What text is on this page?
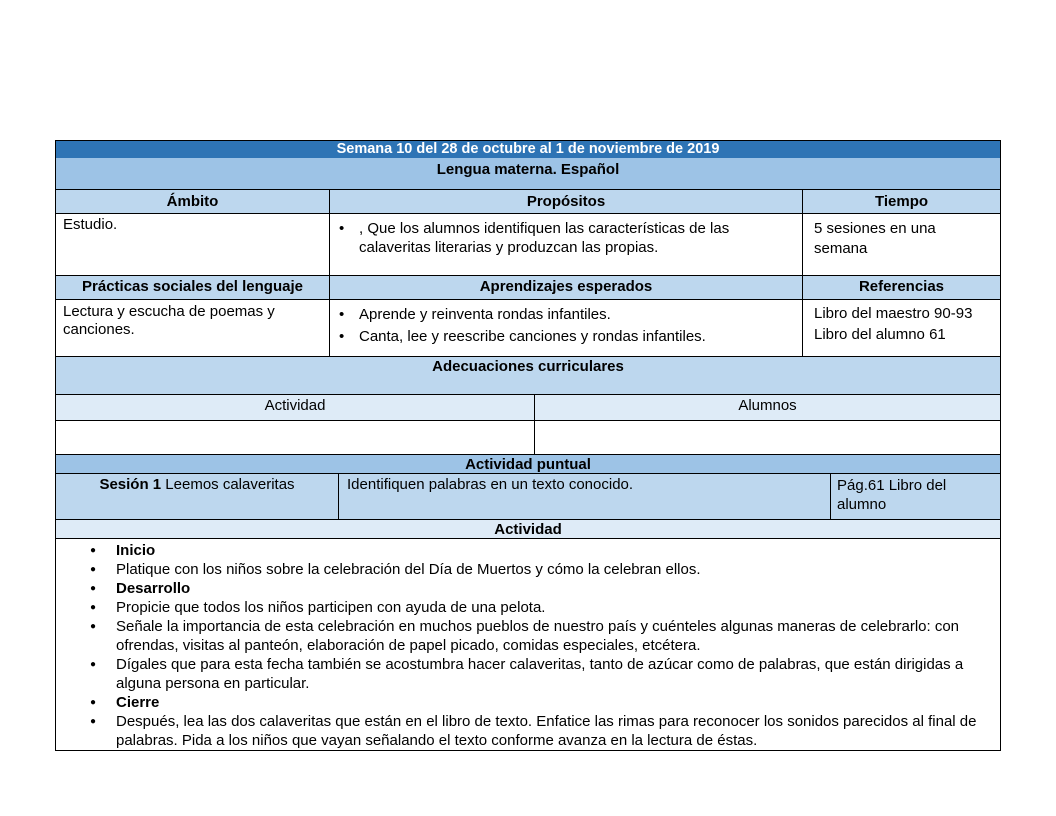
Semana 10 del 28 de octubre al 1 de noviembre de 2019
Lengua materna. Español
Ámbito	Propósitos	Tiempo
Estudio.
•	, Que los alumnos identifiquen las características de las calaveritas literarias y produzcan las propias.
5 sesiones en una semana
Prácticas sociales del lenguaje	Aprendizajes esperados	Referencias
Lectura y escucha de poemas y canciones.
• Aprende y reinventa rondas infantiles.
• Canta, lee y reescribe canciones y rondas infantiles.
Libro del maestro 90-93
Libro del alumno 61
Adecuaciones curriculares
Actividad	Alumnos
Actividad puntual
Sesión 1 Leemos calaveritas	Identifiquen palabras en un texto conocido.	Pág.61 Libro del alumno
Actividad
● Inicio
● Platique con los niños sobre la celebración del Día de Muertos y cómo la celebran ellos.
● Desarrollo
● Propicie que todos los niños participen con ayuda de una pelota.
● Señale la importancia de esta celebración en muchos pueblos de nuestro país y cuénteles algunas maneras de celebrarlo: con ofrendas, visitas al panteón, elaboración de papel picado, comidas especiales, etcétera.
● Dígales que para esta fecha también se acostumbra hacer calaveritas, tanto de azúcar como de palabras, que están dirigidas a alguna persona en particular.
● Cierre
● Después, lea las dos calaveritas que están en el libro de texto. Enfatice las rimas para reconocer los sonidos parecidos al final de palabras. Pida a los niños que vayan señalando el texto conforme avanza en la lectura de éstas.
